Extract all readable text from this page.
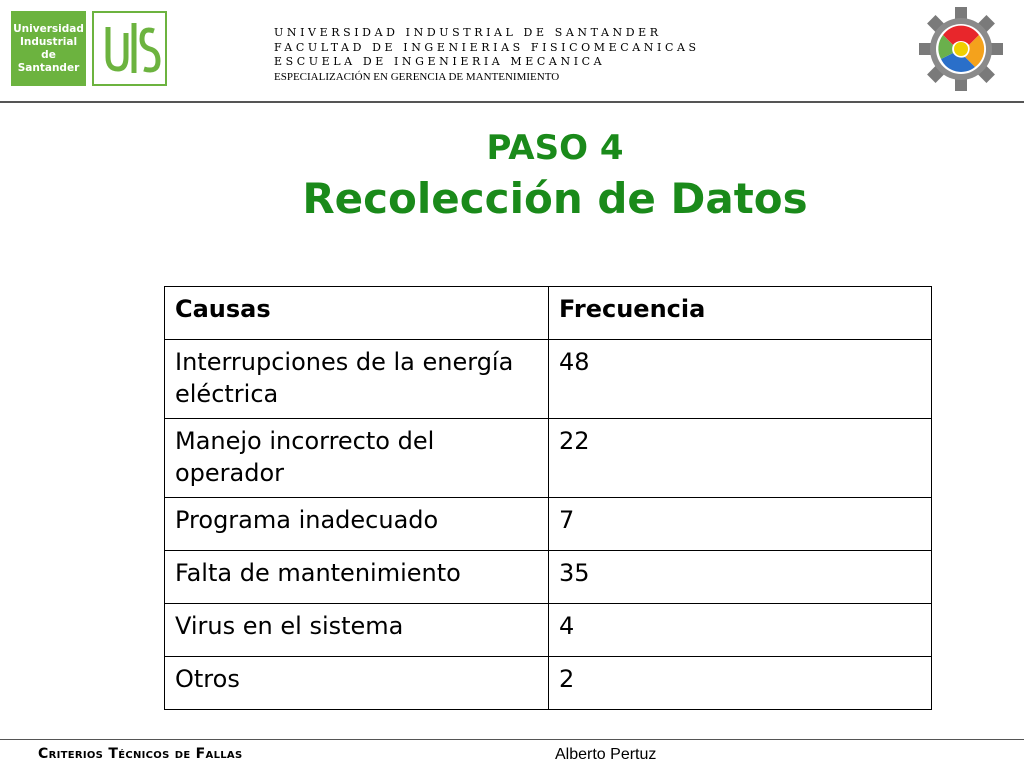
Universidad
Industrial de
Santander
UNIVERSIDAD INDUSTRIAL DE SANTANDER
FACULTAD DE INGENIERIAS FISICOMECANICAS
ESCUELA DE INGENIERIA MECANICA
ESPECIALIZACIÓN EN GERENCIA DE MANTENIMIENTO
PASO 4
Recolección de Datos
Causas	Frecuencia
Interrupciones de la energía eléctrica	48
Manejo incorrecto del operador	22
Programa inadecuado	7
Falta de mantenimiento	35
Virus en el sistema	4
Otros	2
Criterios Técnicos de Fallas	Alberto Pertuz
